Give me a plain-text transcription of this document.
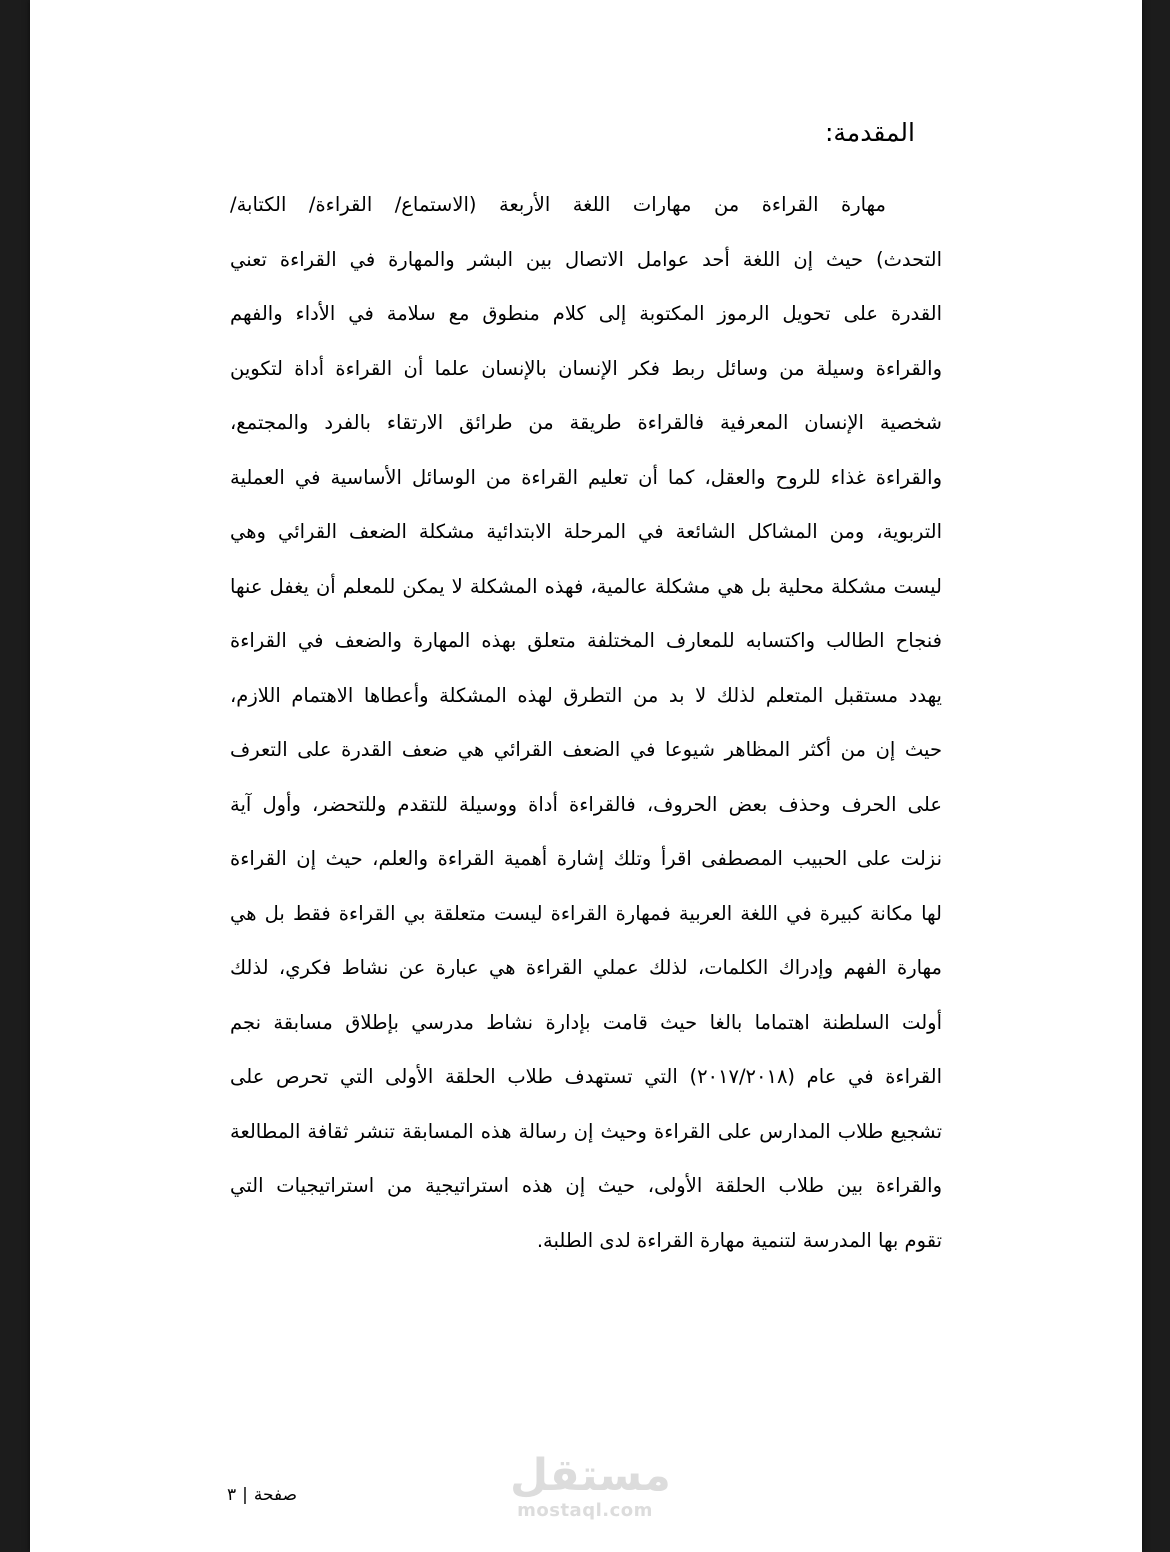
المقدمة:
مهارة القراءة من مهارات اللغة الأربعة (الاستماع/ القراءة/ الكتابة/
التحدث) حيث إن اللغة أحد عوامل الاتصال بين البشر والمهارة في القراءة تعني
القدرة على تحويل الرموز المكتوبة إلى كلام منطوق مع سلامة في الأداء والفهم
والقراءة وسيلة من وسائل ربط فكر الإنسان بالإنسان علما أن القراءة أداة لتكوين
شخصية الإنسان المعرفية فالقراءة طريقة من طرائق الارتقاء بالفرد والمجتمع،
والقراءة غذاء للروح والعقل، كما أن تعليم القراءة من الوسائل الأساسية في العملية
التربوية، ومن المشاكل الشائعة في المرحلة الابتدائية مشكلة الضعف القرائي وهي
ليست مشكلة محلية بل هي مشكلة عالمية، فهذه المشكلة لا يمكن للمعلم أن يغفل عنها
فنجاح الطالب واكتسابه للمعارف المختلفة متعلق بهذه المهارة والضعف في القراءة
يهدد مستقبل المتعلم لذلك لا بد من التطرق لهذه المشكلة وأعطاها الاهتمام اللازم،
حيث إن من أكثر المظاهر شيوعا في الضعف القرائي هي ضعف القدرة على التعرف
على الحرف وحذف بعض الحروف، فالقراءة أداة ووسيلة للتقدم وللتحضر، وأول آية
نزلت على الحبيب المصطفى اقرأ وتلك إشارة أهمية القراءة والعلم، حيث إن القراءة
لها مكانة كبيرة في اللغة العربية فمهارة القراءة ليست متعلقة بي القراءة فقط بل هي
مهارة الفهم وإدراك الكلمات، لذلك عملي القراءة هي عبارة عن نشاط فكري، لذلك
أولت السلطنة اهتماما بالغا حيث قامت بإدارة نشاط مدرسي بإطلاق مسابقة نجم
القراءة في عام (٢٠١٧/٢٠١٨) التي تستهدف طلاب الحلقة الأولى التي تحرص على
تشجيع طلاب المدارس على القراءة وحيث إن رسالة هذه المسابقة تنشر ثقافة المطالعة
والقراءة بين طلاب الحلقة الأولى، حيث إن هذه استراتيجية من استراتيجيات التي
تقوم بها المدرسة لتنمية مهارة القراءة لدى الطلبة.
مستقل
mostaql.com
صفحة|٣
